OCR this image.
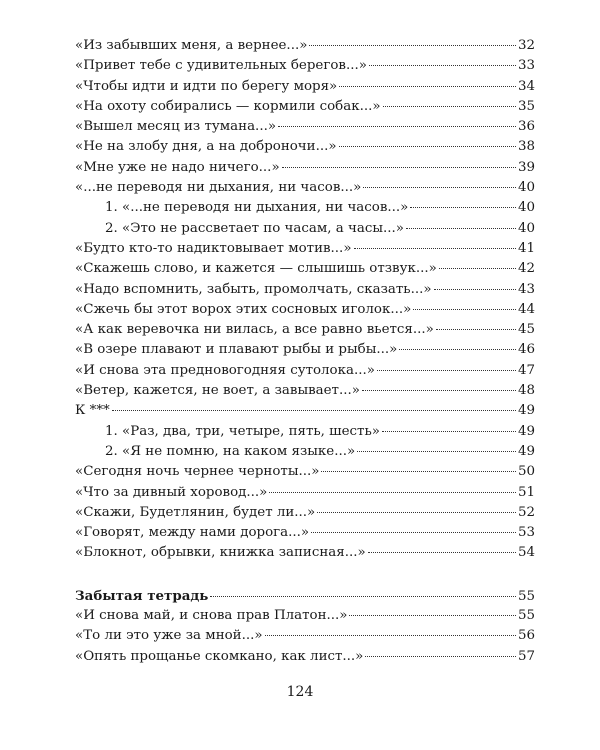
«Из забывших меня, а вернее...»	32
«Привет тебе с удивительных берегов...»	33
«Чтобы идти и идти по берегу моря»	34
«На охоту собирались — кормили собак...»	35
«Вышел месяц из тумана...»	36
«Не на злобу дня, а на доброночи...»	38
«Мне уже не надо ничего...»	39
«...не переводя ни дыхания, ни часов...»	40
1. «...не переводя ни дыхания, ни часов...»	40
2. «Это не рассветает по часам, а часы...»	40
«Будто кто-то надиктовывает мотив...»	41
«Скажешь слово, и кажется — слышишь отзвук...»	42
«Надо вспомнить, забыть, промолчать, сказать...»	43
«Сжечь бы этот ворох этих сосновых иголок...»	44
«А как веревочка ни вилась, а все равно вьется...»	45
«В озере плавают и плавают рыбы и рыбы...»	46
«И снова эта предновогодняя сутолока...»	47
«Ветер, кажется, не воет, а завывает...»	48
К ***	49
1. «Раз, два, три, четыре, пять, шесть»	49
2. «Я не помню, на каком языке...»	49
«Сегодня ночь чернее черноты...»	50
«Что за дивный хоровод...»	51
«Скажи, Будетлянин, будет ли...»	52
«Говорят, между нами дорога...»	53
«Блокнот, обрывки, книжка записная...»	54
Забытая тетрадь	55
«И снова май, и снова прав Платон...»	55
«То ли это уже за мной...»	56
«Опять прощанье скомкано, как лист...»	57
124
